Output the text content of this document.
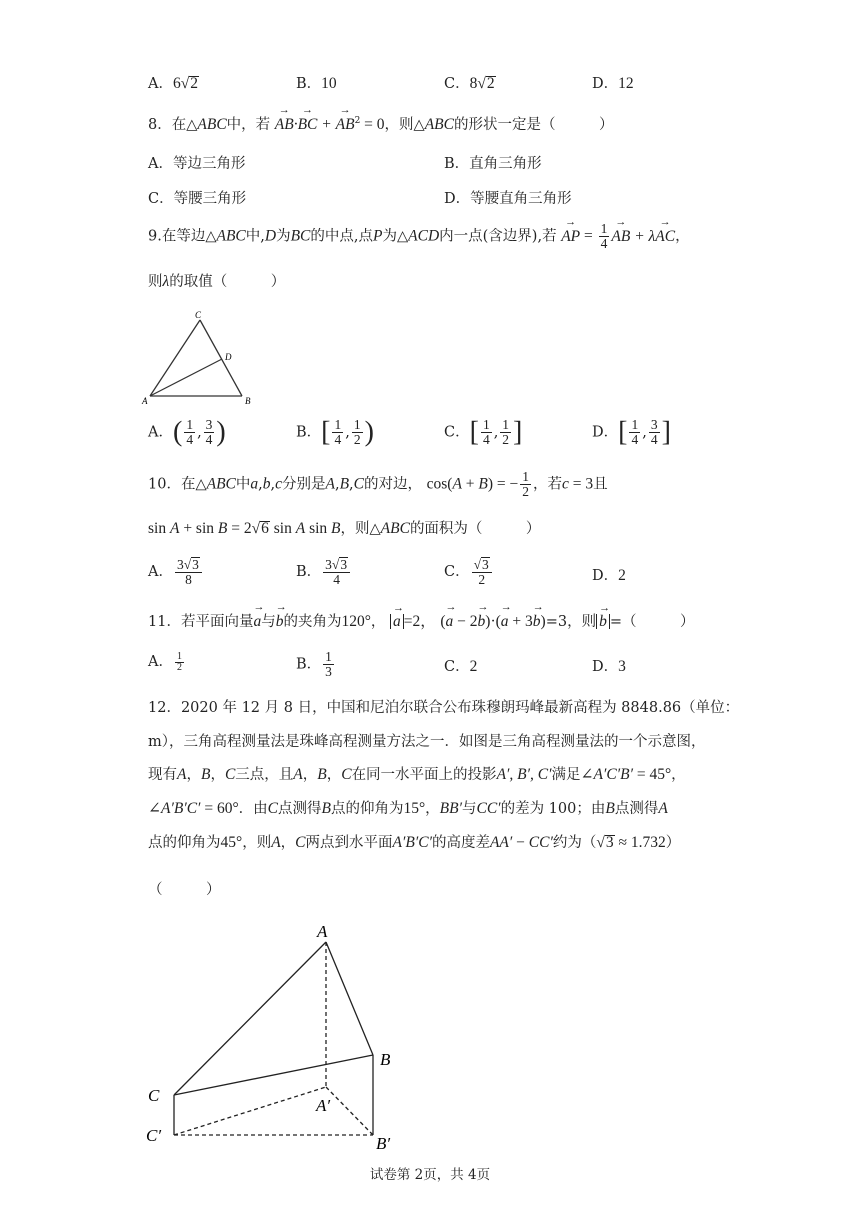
A．6√2	B．10	C．8√2	D．12
8．在△ABC中，若 → AB·→ BC + → $AB^2 = 0$，则△ABC的形状一定是（　　　）
A．等边三角形	B．直角三角形
C．等腰三角形	D．等腰直角三角形
9.在等边△ABC中,D为BC的中点,点P为△ACD内一点(含边界),若 → AP = $\frac{1}{4}$ → AB + λ→ AC，
则λ的取值（　　　）
A	B
C
D
A．( $\frac{1}{4}$ , $\frac{3}{4}$ )	B．[ $\frac{1}{4}$ , $\frac{1}{2}$ )	C．[ $\frac{1}{4}$ , $\frac{1}{2}$ ]	D．[ $\frac{1}{4}$ , $\frac{3}{4}$ ]
10．在△ABC中a,b,c分别是A,B,C的对边， cos(A + B) = − $\frac{1}{2}$ ，若c = 3且
sin A + sin B = 2√6 sin A sin B，则△ABC的面积为（　　　）
A． $\frac{3√3}{8}$	B． $\frac{3√3}{4}$	C． $\frac{√3}{2}$	D．2
11．若平面向量→ a与→ b的夹角为120°， → a =2， (→ a − 2→ b)·(→ a + 3→ b)=3，则 → b =（　　　）
A． $\frac{1}{2}$	B． $\frac{1}{3}$	C．2	D．3
12．2020 年 12 月 8 日，中国和尼泊尔联合公布珠穆朗玛峰最新高程为 8848.86（单位：
m），三角高程测量法是珠峰高程测量方法之一．如图是三角高程测量法的一个示意图，
现有A，B，C三点，且A，B，C在同一水平面上的投影A′, B′, C′满足∠A′C′B′ = 45°，
∠A′B′C′ = 60°．由C点测得B点的仰角为15°，BB′与CC′的差为 100；由B点测得A
点的仰角为45°，则A，C两点到水平面A′B′C′的高度差AA′ − CC′约为（√3 ≈ 1.732）
（　　　）
A
B
C
A′
B′
C′
试卷第 2页，共 4页
